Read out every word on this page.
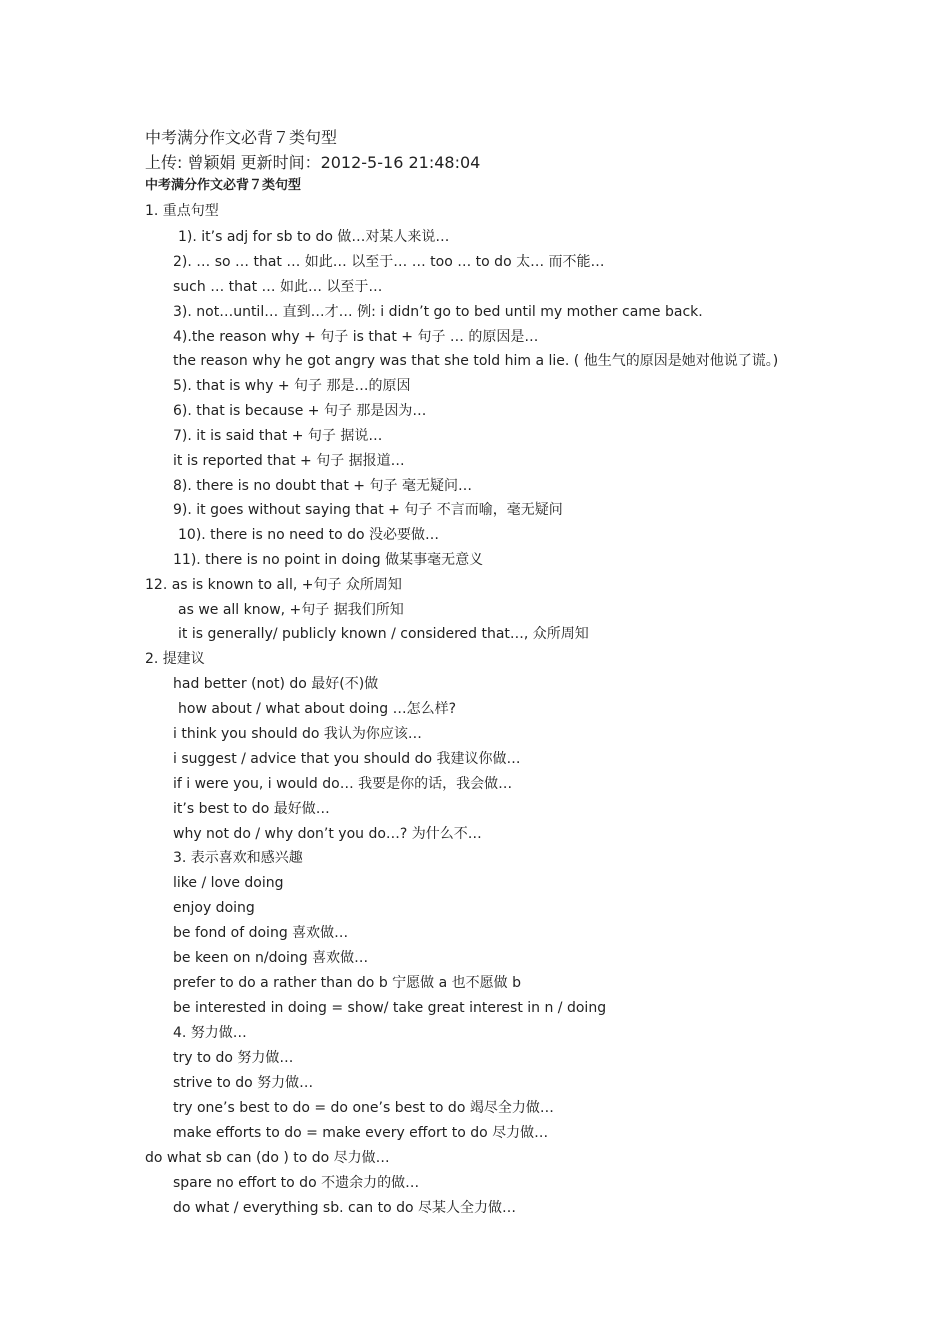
中考满分作文必背７类句型
上传: 曾颖娟 更新时间：2012-5-16 21:48:04
中考满分作文必背７类句型
1. 重点句型
1). it’s adj for sb to do 做…对某人来说…
2). … so … that … 如此… 以至于… … too … to do 太… 而不能…
such … that … 如此… 以至于…
3). not…until… 直到…才… 例: i didn’t go to bed until my mother came back.
4).the reason why + 句子 is that + 句子 … 的原因是…
the reason why he got angry was that she told him a lie. ( 他生气的原因是她对他说了谎。)
5). that is why + 句子 那是…的原因
6). that is because + 句子 那是因为…
7). it is said that + 句子 据说…
it is reported that + 句子 据报道…
8). there is no doubt that + 句子 毫无疑问…
9). it goes without saying that + 句子 不言而喻，毫无疑问
10). there is no need to do 没必要做…
11). there is no point in doing 做某事毫无意义
12. as is known to all, +句子 众所周知
as we all know, +句子 据我们所知
it is generally/ publicly known / considered that…, 众所周知
2. 提建议
had better (not) do 最好(不)做
how about / what about doing …怎么样?
i think you should do 我认为你应该…
i suggest / advice that you should do 我建议你做…
if i were you, i would do… 我要是你的话，我会做…
it’s best to do 最好做…
why not do / why don’t you do…? 为什么不…
3. 表示喜欢和感兴趣
like / love doing
enjoy doing
be fond of doing 喜欢做…
be keen on n/doing 喜欢做…
prefer to do a rather than do b 宁愿做 a 也不愿做 b
be interested in doing = show/ take great interest in n / doing
4. 努力做…
try to do 努力做…
strive to do 努力做…
try one’s best to do = do one’s best to do 竭尽全力做…
make efforts to do = make every effort to do 尽力做…
do what sb can (do ) to do 尽力做…
spare no effort to do 不遗余力的做…
do what / everything sb. can to do 尽某人全力做…
